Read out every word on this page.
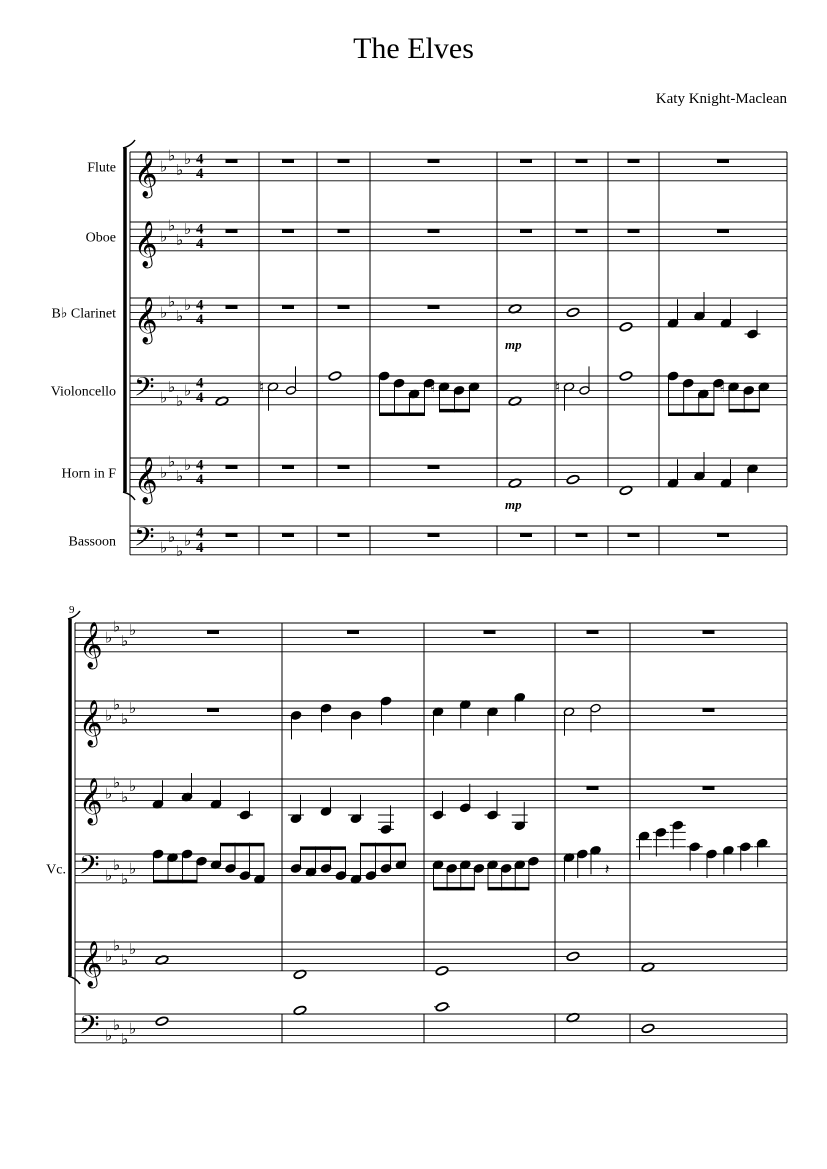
The Elves
Katy Knight-Maclean
Flute 𝄞 ♭
♭
♭
♭ 4
4
Oboe 𝄞 ♭
♭
♭
♭ 4
4
B♭ Clarinet 𝄞 ♭
♭
♭
♭ 4
4
Violoncello 𝄢 ♭
♭
♭
♭ 4
4
Horn in F 𝄞 ♭
♭
♭
♭ 4
4
Bassoon 𝄢 ♭
♭
♭
♭ 4
4
♮	♮	♮	♮
mp
mp
9
𝄞 ♭
♭
♭
♭
𝄞 ♭
♭
♭
♭
𝄞 ♭
♭
♭
♭
Vc. 𝄢 ♭
♭
♭
♭
𝄞 ♭
♭
♭
♭
𝄢 ♭
♭
♭
♭
𝄽
